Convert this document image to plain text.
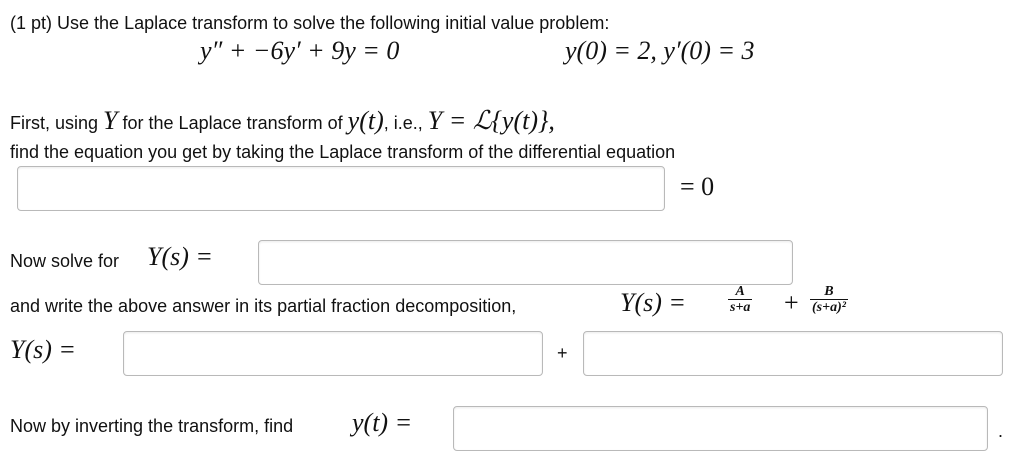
(1 pt) Use the Laplace transform to solve the following initial value problem:
y″ + −6y′ + 9y = 0	y(0) = 2, y′(0) = 3
First, using Y for the Laplace transform of y(t), i.e., Y = ℒ{y(t)},
find the equation you get by taking the Laplace transform of the differential equation
= 0
Now solve for Y(s) =
and write the above answer in its partial fraction decomposition,	Y(s) =	$\frac{A}{s+a} + \frac{B}{\text{(s+a)²}}$
Y(s) =	+
Now by inverting the transform, find y(t) =	.
